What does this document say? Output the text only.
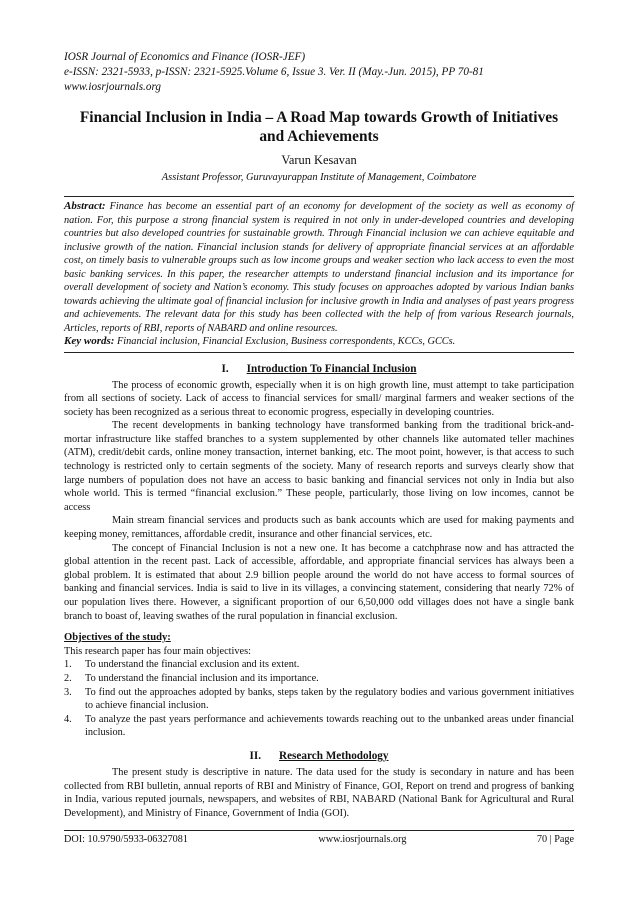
IOSR Journal of Economics and Finance (IOSR-JEF)
e-ISSN: 2321-5933, p-ISSN: 2321-5925.Volume 6, Issue 3. Ver. II (May.-Jun. 2015), PP 70-81
www.iosrjournals.org
Financial Inclusion in India – A Road Map towards Growth of Initiatives and Achievements
Varun Kesavan
Assistant Professor, Guruvayurappan Institute of Management, Coimbatore
Abstract: Finance has become an essential part of an economy for development of the society as well as economy of nation. For, this purpose a strong financial system is required in not only in under-developed countries and developing countries but also developed countries for sustainable growth. Through Financial inclusion we can achieve equitable and inclusive growth of the nation. Financial inclusion stands for delivery of appropriate financial services at an affordable cost, on timely basis to vulnerable groups such as low income groups and weaker section who lack access to even the most basic banking services. In this paper, the researcher attempts to understand financial inclusion and its importance for overall development of society and Nation’s economy. This study focuses on approaches adopted by various Indian banks towards achieving the ultimate goal of financial inclusion for inclusive growth in India and analyses of past years progress and achievements. The relevant data for this study has been collected with the help of from various Research journals, Articles, reports of RBI, reports of NABARD and online resources.
Key words: Financial inclusion, Financial Exclusion, Business correspondents, KCCs, GCCs.
I. Introduction To Financial Inclusion

The process of economic growth, especially when it is on high growth line, must attempt to take participation from all sections of society. Lack of access to financial services for small/ marginal farmers and weaker sections of the society has been recognized as a serious threat to economic progress, especially in developing countries.

The recent developments in banking technology have transformed banking from the traditional brick-and-mortar infrastructure like staffed branches to a system supplemented by other channels like automated teller machines (ATM), credit/debit cards, online money transaction, internet banking, etc. The moot point, however, is that access to such technology is restricted only to certain segments of the society. Many of research reports and surveys clearly show that large numbers of population does not have an access to basic banking and financial services not only in India but also whole world. This is termed “financial exclusion.” These people, particularly, those living on low incomes, cannot be access

Main stream financial services and products such as bank accounts which are used for making payments and keeping money, remittances, affordable credit, insurance and other financial services, etc.

The concept of Financial Inclusion is not a new one. It has become a catchphrase now and has attracted the global attention in the recent past. Lack of accessible, affordable, and appropriate financial services has always been a global problem. It is estimated that about 2.9 billion people around the world do not have access to formal sources of banking and financial services. India is said to live in its villages, a convincing statement, considering that nearly 72% of our population lives there. However, a significant proportion of our 6,50,000 odd villages does not have a single bank branch to boast of, leaving swathes of the rural population in financial exclusion.

Objectives of the study:
This research paper has four main objectives:
1. To understand the financial exclusion and its extent.
2. To understand the financial inclusion and its importance.
3. To find out the approaches adopted by banks, steps taken by the regulatory bodies and various government initiatives to achieve financial inclusion.
4. To analyze the past years performance and achievements towards reaching out to the unbanked areas under financial inclusion.
II. Research Methodology

The present study is descriptive in nature. The data used for the study is secondary in nature and has been collected from RBI bulletin, annual reports of RBI and Ministry of Finance, GOI, Report on trend and progress of banking in India, various reputed journals, newspapers, and websites of RBI, NABARD (National Bank for Agricultural and Rural Development), and Ministry of Finance, Government of India (GOI).

DOI: 10.9790/5933-06327081	www.iosrjournals.org	70 | Page
